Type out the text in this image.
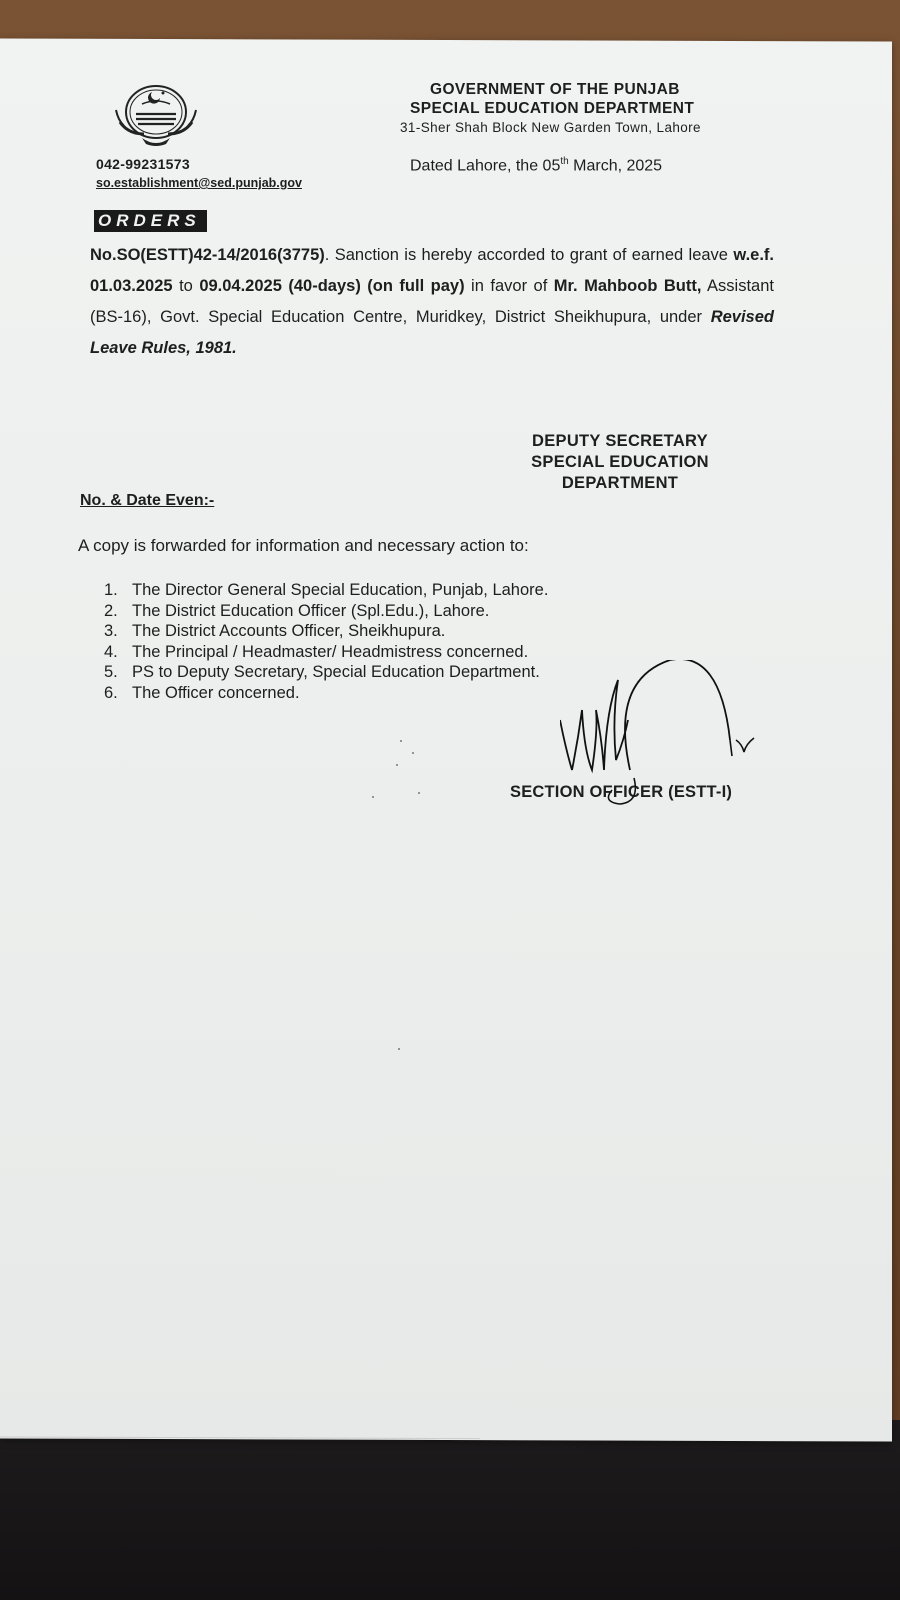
042-99231573
so.establishment@sed.punjab.gov
GOVERNMENT OF THE PUNJAB
SPECIAL EDUCATION DEPARTMENT
31-Sher Shah Block New Garden Town, Lahore
Dated Lahore, the 05th March, 2025
ORDERS
No.SO(ESTT)42-14/2016(3775). Sanction is hereby accorded to grant of earned leave w.e.f. 01.03.2025 to 09.04.2025 (40-days) (on full pay) in favor of Mr. Mahboob Butt, Assistant (BS-16), Govt. Special Education Centre, Muridkey, District Sheikhupura, under Revised Leave Rules, 1981.
DEPUTY SECRETARY
SPECIAL EDUCATION
DEPARTMENT
No. & Date Even:-
A copy is forwarded for information and necessary action to:
1. The Director General Special Education, Punjab, Lahore.
2. The District Education Officer (Spl.Edu.), Lahore.
3. The District Accounts Officer, Sheikhupura.
4. The Principal / Headmaster/ Headmistress concerned.
5. PS to Deputy Secretary, Special Education Department.
6. The Officer concerned.
SECTION OFFICER (ESTT-I)
